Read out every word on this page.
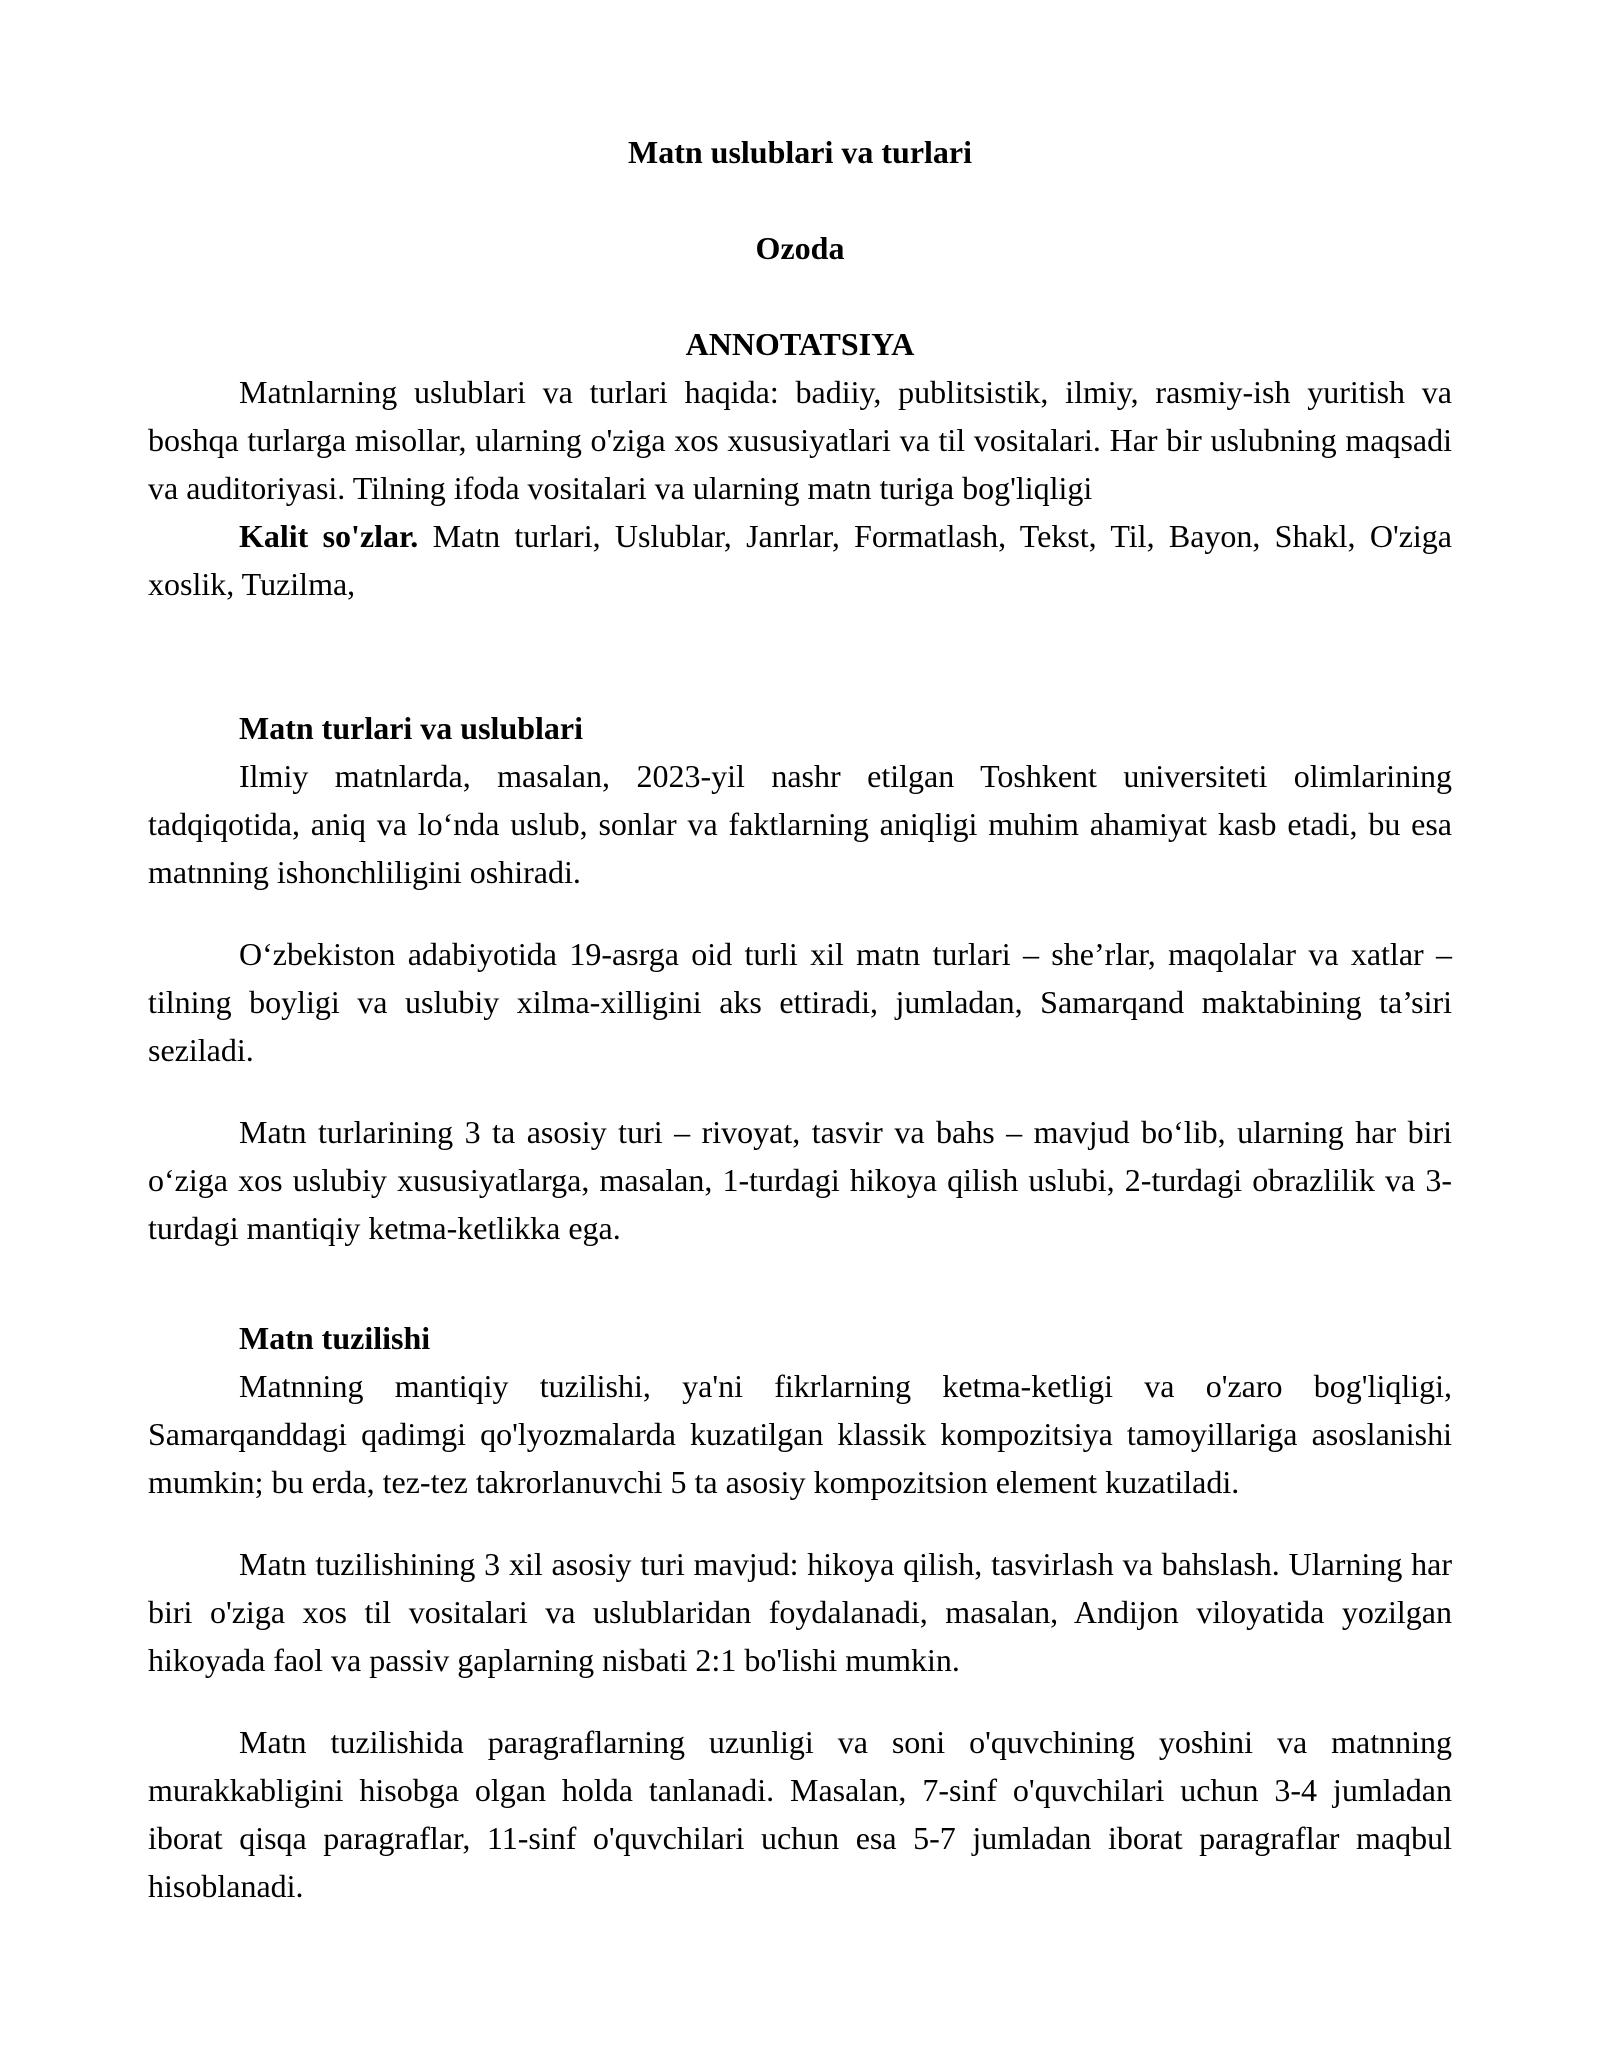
Matn uslublari va turlari
Ozoda
ANNOTATSIYA

Matnlarning uslublari va turlari haqida: badiiy, publitsistik, ilmiy, rasmiy-ish yuritish va boshqa turlarga misollar, ularning o'ziga xos xususiyatlari va til vositalari. Har bir uslubning maqsadi va auditoriyasi. Tilning ifoda vositalari va ularning matn turiga bog'liqligi

Kalit so'zlar. Matn turlari, Uslublar, Janrlar, Formatlash, Tekst, Til, Bayon, Shakl, O'ziga xoslik, Tuzilma,

Matn turlari va uslublari

Ilmiy matnlarda, masalan, 2023-yil nashr etilgan Toshkent universiteti olimlarining tadqiqotida, aniq va lo‘nda uslub, sonlar va faktlarning aniqligi muhim ahamiyat kasb etadi, bu esa matnning ishonchliligini oshiradi.

O‘zbekiston adabiyotida 19-asrga oid turli xil matn turlari – she’rlar, maqolalar va xatlar – tilning boyligi va uslubiy xilma-xilligini aks ettiradi, jumladan, Samarqand maktabining ta’siri seziladi.

Matn turlarining 3 ta asosiy turi – rivoyat, tasvir va bahs – mavjud bo‘lib, ularning har biri o‘ziga xos uslubiy xususiyatlarga, masalan, 1-turdagi hikoya qilish uslubi, 2-turdagi obrazlilik va 3-turdagi mantiqiy ketma-ketlikka ega.

Matn tuzilishi

Matnning mantiqiy tuzilishi, ya'ni fikrlarning ketma-ketligi va o'zaro bog'liqligi, Samarqanddagi qadimgi qo'lyozmalarda kuzatilgan klassik kompozitsiya tamoyillariga asoslanishi mumkin; bu erda, tez-tez takrorlanuvchi 5 ta asosiy kompozitsion element kuzatiladi.

Matn tuzilishining 3 xil asosiy turi mavjud: hikoya qilish, tasvirlash va bahslash. Ularning har biri o'ziga xos til vositalari va uslublaridan foydalanadi, masalan, Andijon viloyatida yozilgan hikoyada faol va passiv gaplarning nisbati 2:1 bo'lishi mumkin.

Matn tuzilishida paragraflarning uzunligi va soni o'quvchining yoshini va matnning murakkabligini hisobga olgan holda tanlanadi. Masalan, 7-sinf o'quvchilari uchun 3-4 jumladan iborat qisqa paragraflar, 11-sinf o'quvchilari uchun esa 5-7 jumladan iborat paragraflar maqbul hisoblanadi.
